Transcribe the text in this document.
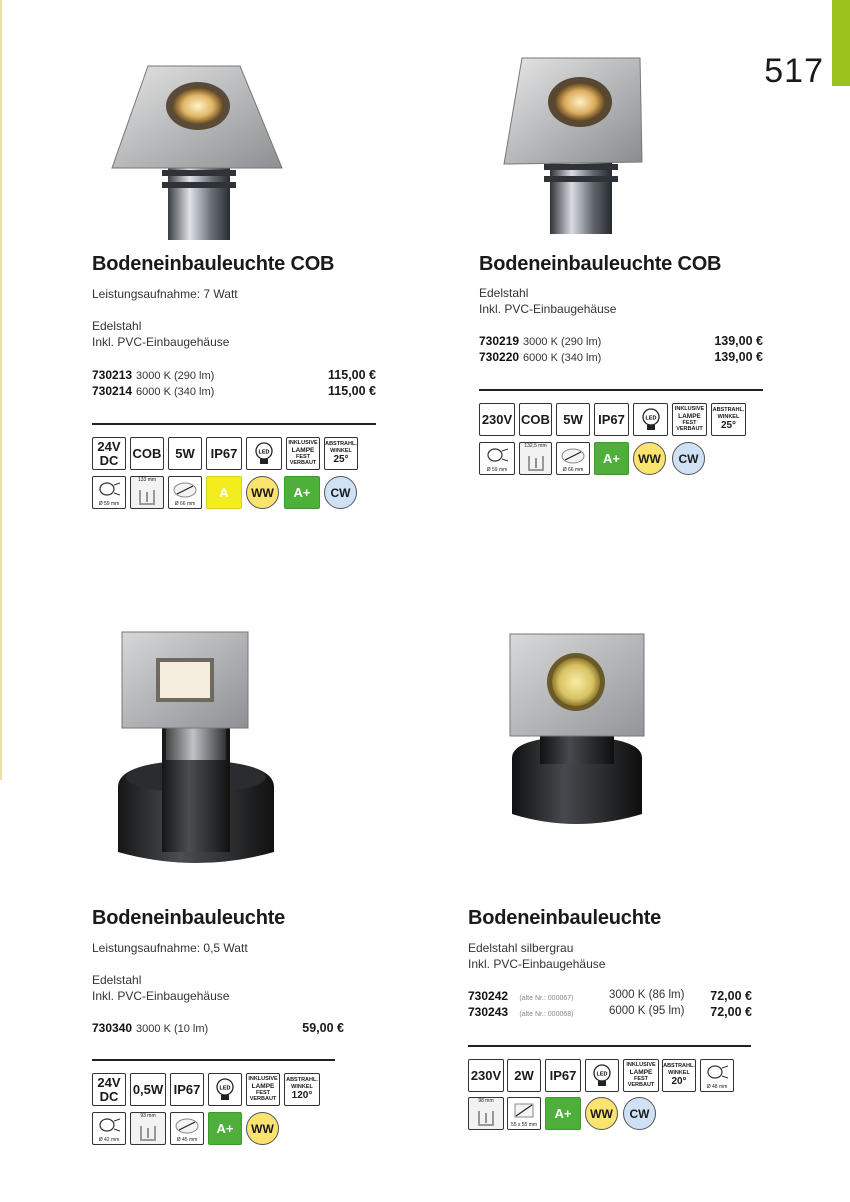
517
Bodeneinbauleuchte COB
Leistungsaufnahme: 7 Watt
Edelstahl
Inkl. PVC-Einbaugehäuse
730213 3000 K (290 lm)	115,00 €
730214 6000 K (340 lm)	115,00 €
24V
DC COB	5W	IP67	LED
INKLUSIVE
LAMPE
FEST VERBAUT
ABSTRAHL.
WINKEL
25°
Ø 59 mm
133 mm
Ø 66 mm
A	WW	A+	CW
Bodeneinbauleuchte COB
Edelstahl
Inkl. PVC-Einbaugehäuse
730219 3000 K (290 lm)	139,00 €
730220 6000 K (340 lm)	139,00 €
230V COB	5W	IP67	LED
INKLUSIVE
LAMPE
FEST VERBAUT
ABSTRAHL.
WINKEL
25°
Ø 59 mm
132,5 mm
Ø 66 mm
A+	WW	CW
Bodeneinbauleuchte
Leistungsaufnahme: 0,5 Watt
Edelstahl
Inkl. PVC-Einbaugehäuse
730340 3000 K (10 lm)	59,00 €
24V
DC 0,5W IP67	LED
INKLUSIVE
LAMPE
FEST VERBAUT
ABSTRAHL.
WINKEL
120°
Ø 42 mm
93 mm
Ø 45 mm
A+	WW
Bodeneinbauleuchte
Edelstahl silbergrau
Inkl. PVC-Einbaugehäuse
730242 (alte Nr.: 000067)	3000 K (86 lm)	72,00 €
730243 (alte Nr.: 000068)	6000 K (95 lm)	72,00 €
230V	2W	IP67	LED
INKLUSIVE
LAMPE
FEST VERBAUT
ABSTRAHL.
WINKEL
20°	Ø 48 mm
98 mm
55 x 55 mm
A+	WW	CW
